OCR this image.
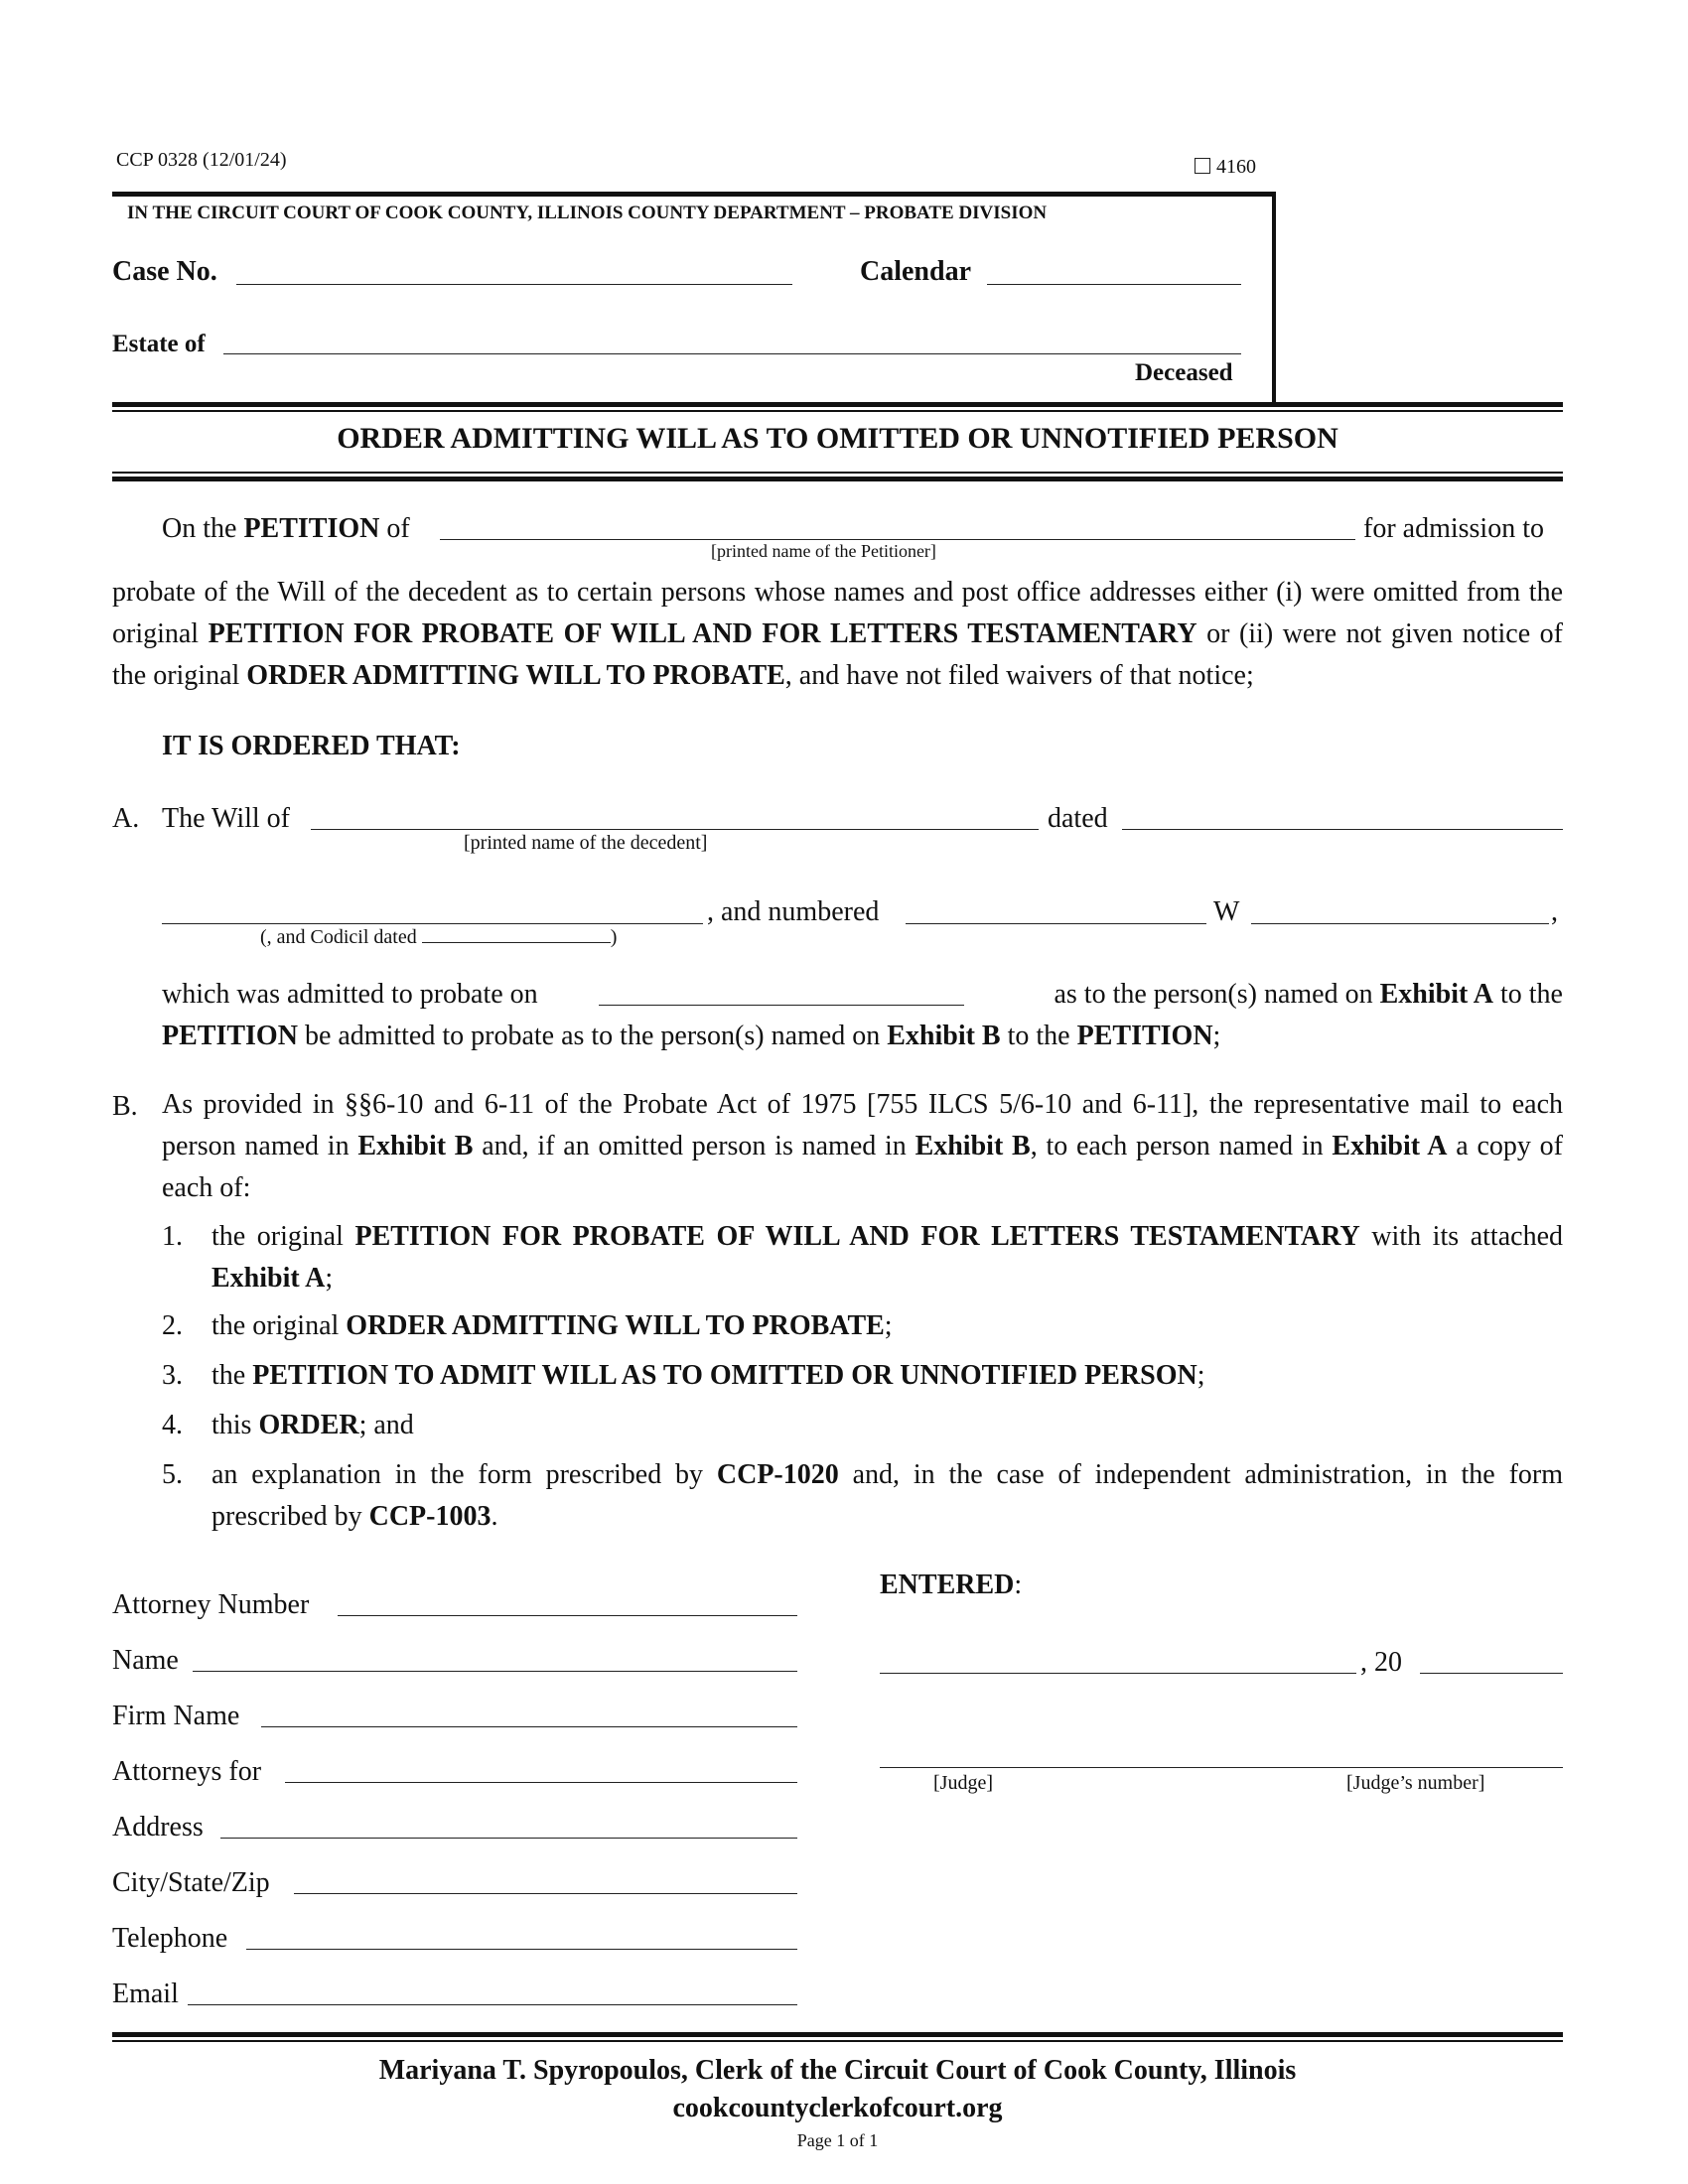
CCP 0328 (12/01/24)	4160
IN THE CIRCUIT COURT OF COOK COUNTY, ILLINOIS COUNTY DEPARTMENT – PROBATE DIVISION
Case No.	Calendar
Estate of
Deceased
ORDER ADMITTING WILL AS TO OMITTED OR UNNOTIFIED PERSON
On the PETITION of	for admission to
[printed name of the Petitioner]
probate of the Will of the decedent as to certain persons whose names and post office addresses either (i) were omitted from the original PETITION FOR PROBATE OF WILL AND FOR LETTERS TESTAMENTARY or (ii) were not given notice of the original ORDER ADMITTING WILL TO PROBATE, and have not filed waivers of that notice;
IT IS ORDERED THAT:
A. The Will of	dated
[printed name of the decedent]
(, and Codicil dated	)
, and numbered	W	,
which was admitted to probate on	as to the person(s) named on Exhibit A to the
PETITION be admitted to probate as to the person(s) named on Exhibit B to the PETITION;
B. As provided in §§6-10 and 6-11 of the Probate Act of 1975 [755 ILCS 5/6-10 and 6-11], the representative mail to each person named in Exhibit B and, if an omitted person is named in Exhibit B, to each person named in Exhibit A a copy of each of:
1. the original PETITION FOR PROBATE OF WILL AND FOR LETTERS TESTAMENTARY with its attached Exhibit A;
2. the original ORDER ADMITTING WILL TO PROBATE;
3. the PETITION TO ADMIT WILL AS TO OMITTED OR UNNOTIFIED PERSON;
4. this ORDER; and
5. an explanation in the form prescribed by CCP-1020 and, in the case of independent administration, in the form prescribed by CCP-1003.
Attorney Number
Name
Firm Name
Attorneys for
Address
City/State/Zip
Telephone
Email
ENTERED:
, 20
[Judge]	[Judge’s number]
Mariyana T. Spyropoulos, Clerk of the Circuit Court of Cook County, Illinois
cookcountyclerkofcourt.org
Page 1 of 1
